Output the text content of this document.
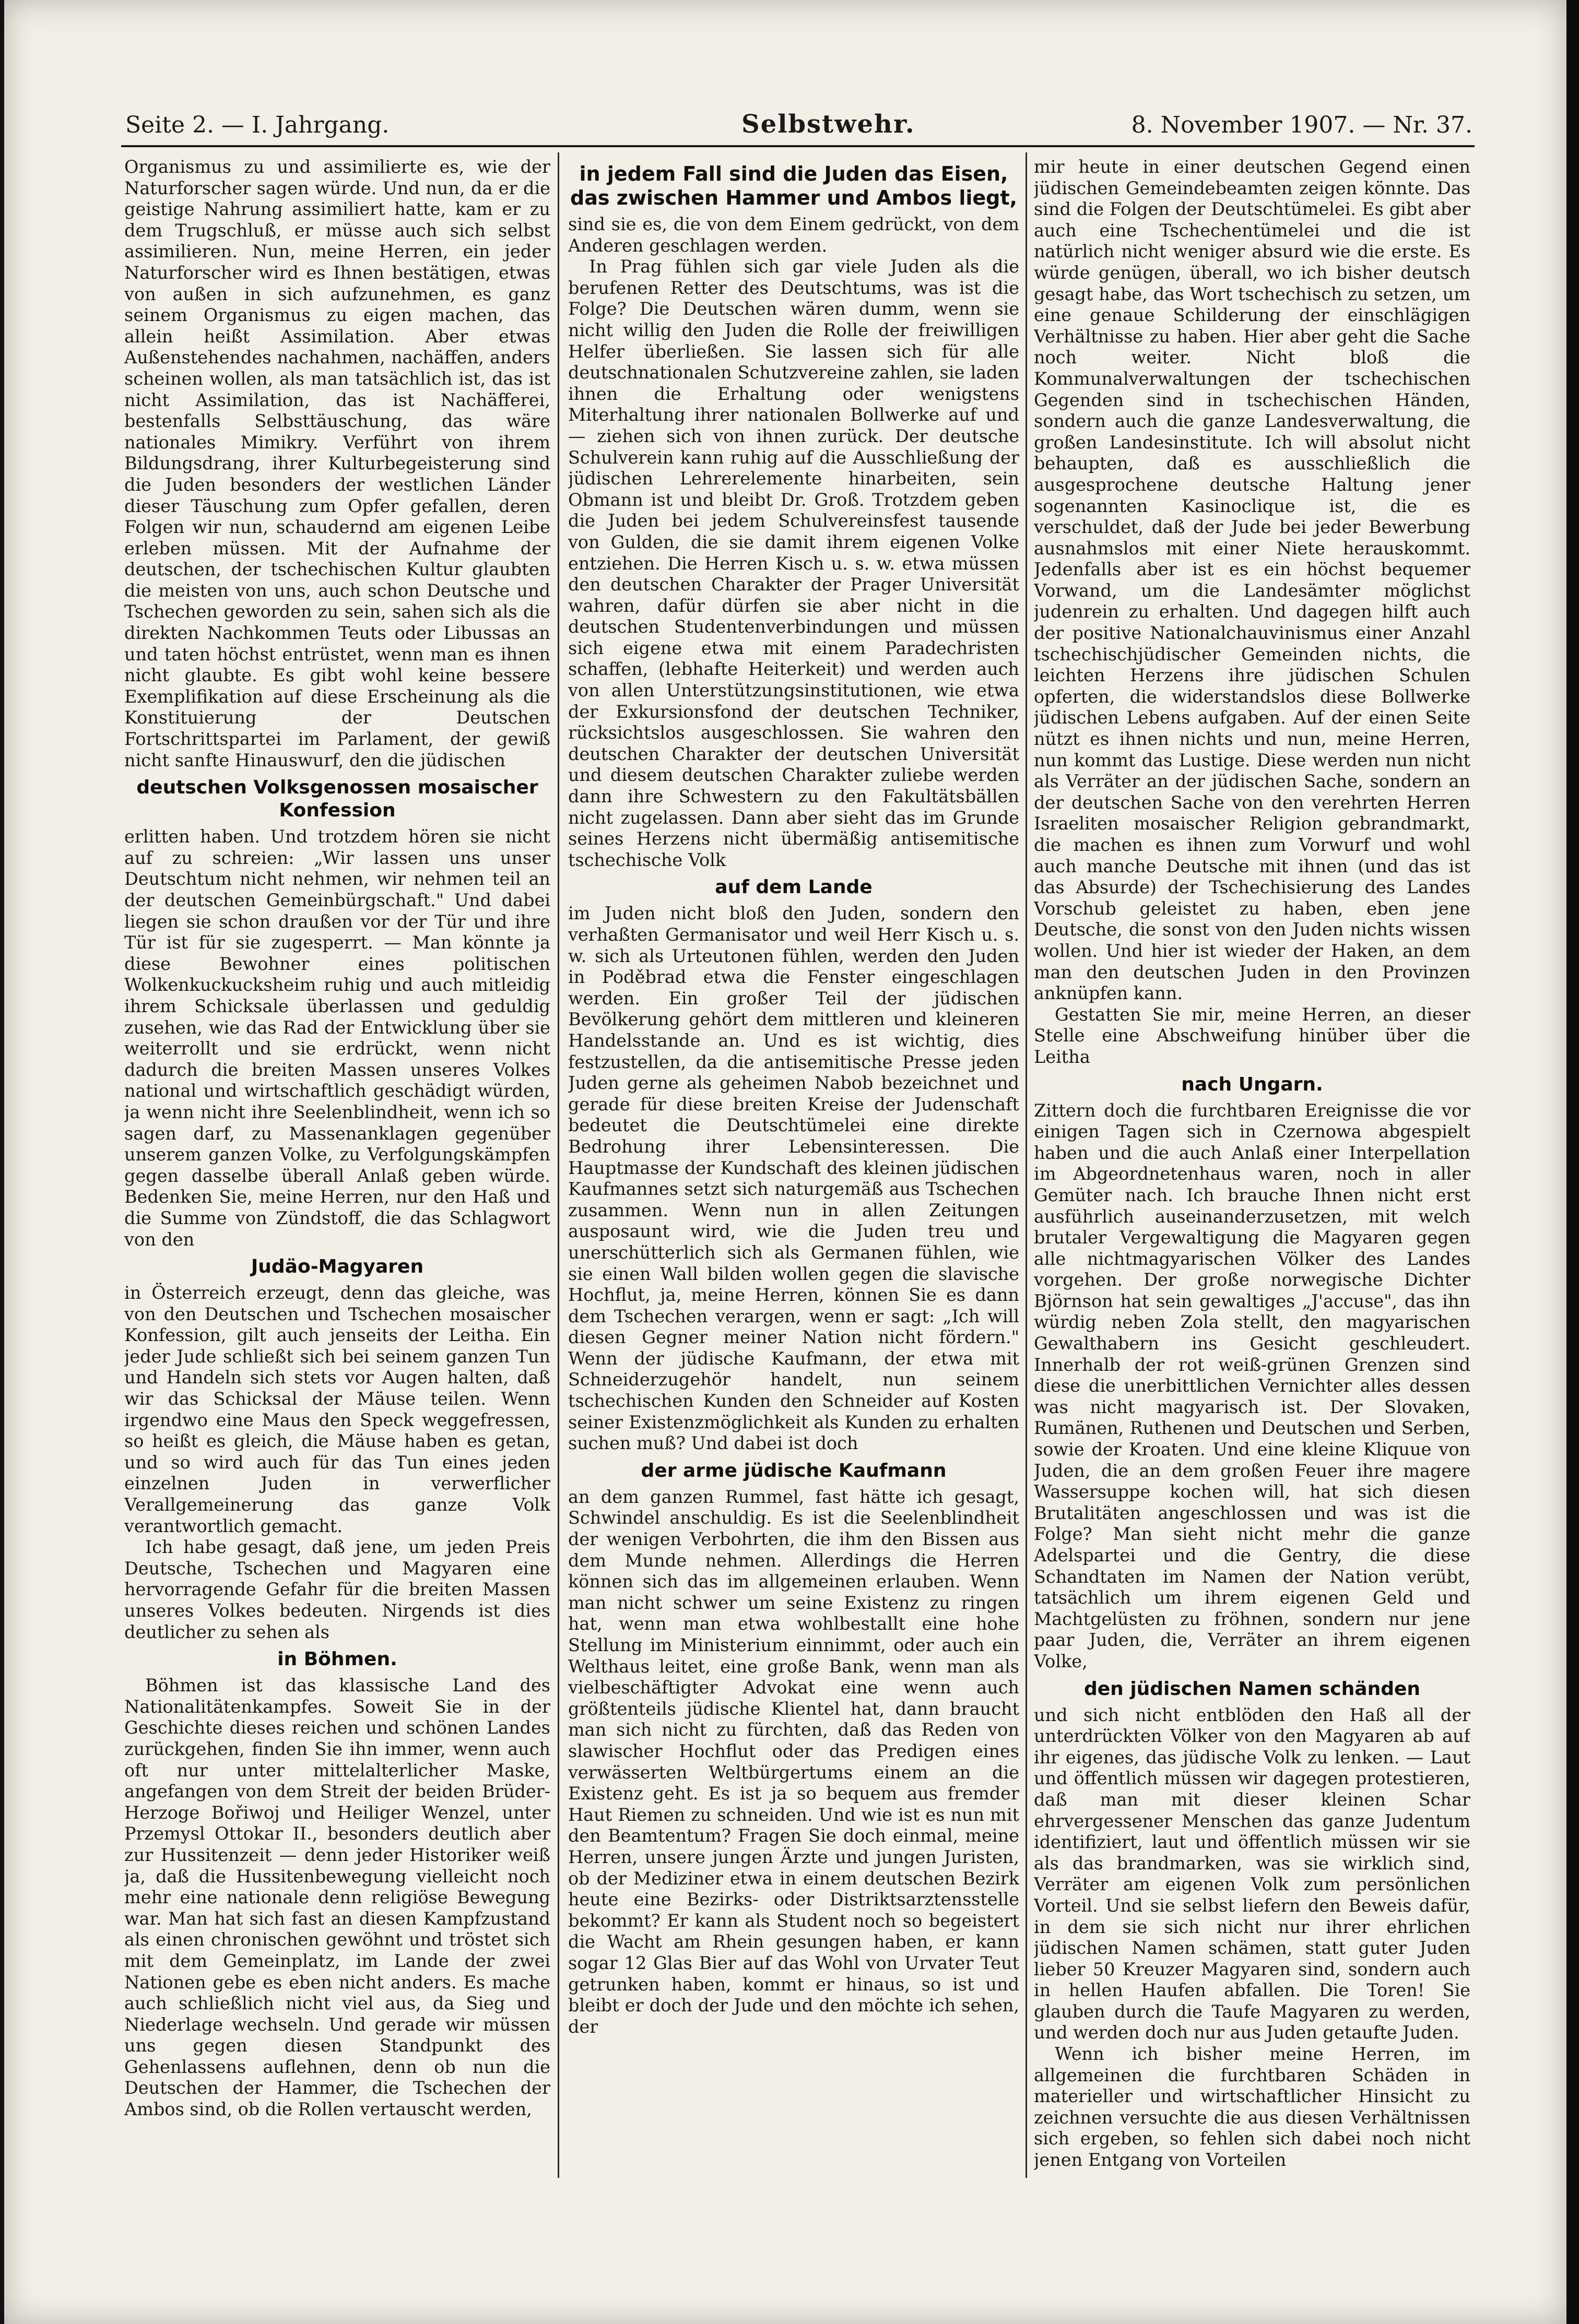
Seite 2. — I. Jahrgang.	Selbstwehr.	8. November 1907. — Nr. 37.

Organismus zu und assimilierte es, wie der Naturforscher sagen würde. Und nun, da er die geistige Nahrung assimiliert hatte, kam er zu dem Trugschluß, er müsse auch sich selbst assimilieren. Nun, meine Herren, ein jeder Naturforscher wird es Ihnen bestätigen, etwas von außen in sich aufzunehmen, es ganz seinem Organismus zu eigen machen, das allein heißt Assimilation. Aber etwas Außenstehendes nachahmen, nachäffen, anders scheinen wollen, als man tatsächlich ist, das ist nicht Assimilation, das ist Nachäfferei, bestenfalls Selbsttäuschung, das wäre nationales Mimikry. Verführt von ihrem Bildungsdrang, ihrer Kulturbegeisterung sind die Juden besonders der westlichen Länder dieser Täuschung zum Opfer gefallen, deren Folgen wir nun, schaudernd am eigenen Leibe erleben müssen. Mit der Aufnahme der deutschen, der tschechischen Kultur glaubten die meisten von uns, auch schon Deutsche und Tschechen geworden zu sein, sahen sich als die direkten Nachkommen Teuts oder Libussas an und taten höchst entrüstet, wenn man es ihnen nicht glaubte. Es gibt wohl keine bessere Exemplifikation auf diese Erscheinung als die Konstituierung der Deutschen Fortschrittspartei im Parlament, der gewiß nicht sanfte Hinauswurf, den die jüdischen

deutschen Volksgenossen mosaischer Konfession

erlitten haben. Und trotzdem hören sie nicht auf zu schreien: „Wir lassen uns unser Deutschtum nicht nehmen, wir nehmen teil an der deutschen Gemeinbürgschaft." Und dabei liegen sie schon draußen vor der Tür und ihre Tür ist für sie zugesperrt. — Man könnte ja diese Bewohner eines politischen Wolkenkuckucksheim ruhig und auch mitleidig ihrem Schicksale überlassen und geduldig zusehen, wie das Rad der Entwicklung über sie weiterrollt und sie erdrückt, wenn nicht dadurch die breiten Massen unseres Volkes national und wirtschaftlich geschädigt würden, ja wenn nicht ihre Seelenblindheit, wenn ich so sagen darf, zu Massenanklagen gegenüber unserem ganzen Volke, zu Verfolgungskämpfen gegen dasselbe überall Anlaß geben würde. Bedenken Sie, meine Herren, nur den Haß und die Summe von Zündstoff, die das Schlagwort von den

Judäo-Magyaren

in Österreich erzeugt, denn das gleiche, was von den Deutschen und Tschechen mosaischer Konfession, gilt auch jenseits der Leitha. Ein jeder Jude schließt sich bei seinem ganzen Tun und Handeln sich stets vor Augen halten, daß wir das Schicksal der Mäuse teilen. Wenn irgendwo eine Maus den Speck weggefressen, so heißt es gleich, die Mäuse haben es getan, und so wird auch für das Tun eines jeden einzelnen Juden in verwerflicher Verallgemeinerung das ganze Volk verantwortlich gemacht.

Ich habe gesagt, daß jene, um jeden Preis Deutsche, Tschechen und Magyaren eine hervorragende Gefahr für die breiten Massen unseres Volkes bedeuten. Nirgends ist dies deutlicher zu sehen als

in Böhmen.

Böhmen ist das klassische Land des Nationalitätenkampfes. Soweit Sie in der Geschichte dieses reichen und schönen Landes zurückgehen, finden Sie ihn immer, wenn auch oft nur unter mittelalterlicher Maske, angefangen von dem Streit der beiden Brüder-Herzoge Bořiwoj und Heiliger Wenzel, unter Przemysl Ottokar II., besonders deutlich aber zur Hussitenzeit — denn jeder Historiker weiß ja, daß die Hussitenbewegung vielleicht noch mehr eine nationale denn religiöse Bewegung war. Man hat sich fast an diesen Kampfzustand als einen chronischen gewöhnt und tröstet sich mit dem Gemeinplatz, im Lande der zwei Nationen gebe es eben nicht anders. Es mache auch schließlich nicht viel aus, da Sieg und Niederlage wechseln. Und gerade wir müssen uns gegen diesen Standpunkt des Gehenlassens auflehnen, denn ob nun die Deutschen der Hammer, die Tschechen der Ambos sind, ob die Rollen vertauscht werden,

in jedem Fall sind die Juden das Eisen, das zwischen Hammer und Ambos liegt,

sind sie es, die von dem Einem gedrückt, von dem Anderen geschlagen werden.

In Prag fühlen sich gar viele Juden als die berufenen Retter des Deutschtums, was ist die Folge? Die Deutschen wären dumm, wenn sie nicht willig den Juden die Rolle der freiwilligen Helfer überließen. Sie lassen sich für alle deutschnationalen Schutzvereine zahlen, sie laden ihnen die Erhaltung oder wenigstens Miterhaltung ihrer nationalen Bollwerke auf und — ziehen sich von ihnen zurück. Der deutsche Schulverein kann ruhig auf die Ausschließung der jüdischen Lehrerelemente hinarbeiten, sein Obmann ist und bleibt Dr. Groß. Trotzdem geben die Juden bei jedem Schulvereinsfest tausende von Gulden, die sie damit ihrem eigenen Volke entziehen. Die Herren Kisch u. s. w. etwa müssen den deutschen Charakter der Prager Universität wahren, dafür dürfen sie aber nicht in die deutschen Studentenverbindungen und müssen sich eigene etwa mit einem Paradechristen schaffen, (lebhafte Heiterkeit) und werden auch von allen Unterstützungsinstitutionen, wie etwa der Exkursionsfond der deutschen Techniker, rücksichtslos ausgeschlossen. Sie wahren den deutschen Charakter der deutschen Universität und diesem deutschen Charakter zuliebe werden dann ihre Schwestern zu den Fakultätsbällen nicht zugelassen. Dann aber sieht das im Grunde seines Herzens nicht übermäßig antisemitische tschechische Volk

auf dem Lande

im Juden nicht bloß den Juden, sondern den verhaßten Germanisator und weil Herr Kisch u. s. w. sich als Urteutonen fühlen, werden den Juden in Poděbrad etwa die Fenster eingeschlagen werden. Ein großer Teil der jüdischen Bevölkerung gehört dem mittleren und kleineren Handelsstande an. Und es ist wichtig, dies festzustellen, da die antisemitische Presse jeden Juden gerne als geheimen Nabob bezeichnet und gerade für diese breiten Kreise der Judenschaft bedeutet die Deutschtümelei eine direkte Bedrohung ihrer Lebensinteressen. Die Hauptmasse der Kundschaft des kleinen jüdischen Kaufmannes setzt sich naturgemäß aus Tschechen zusammen. Wenn nun in allen Zeitungen ausposaunt wird, wie die Juden treu und unerschütterlich sich als Germanen fühlen, wie sie einen Wall bilden wollen gegen die slavische Hochflut, ja, meine Herren, können Sie es dann dem Tschechen verargen, wenn er sagt: „Ich will diesen Gegner meiner Nation nicht fördern." Wenn der jüdische Kaufmann, der etwa mit Schneiderzugehör handelt, nun seinem tschechischen Kunden den Schneider auf Kosten seiner Existenzmöglichkeit als Kunden zu erhalten suchen muß? Und dabei ist doch

der arme jüdische Kaufmann

an dem ganzen Rummel, fast hätte ich gesagt, Schwindel anschuldig. Es ist die Seelenblindheit der wenigen Verbohrten, die ihm den Bissen aus dem Munde nehmen. Allerdings die Herren können sich das im allgemeinen erlauben. Wenn man nicht schwer um seine Existenz zu ringen hat, wenn man etwa wohlbestallt eine hohe Stellung im Ministerium einnimmt, oder auch ein Welthaus leitet, eine große Bank, wenn man als vielbeschäftigter Advokat eine wenn auch größtenteils jüdische Klientel hat, dann braucht man sich nicht zu fürchten, daß das Reden von slawischer Hochflut oder das Predigen eines verwässerten Weltbürgertums einem an die Existenz geht. Es ist ja so bequem aus fremder Haut Riemen zu schneiden. Und wie ist es nun mit den Beamtentum? Fragen Sie doch einmal, meine Herren, unsere jungen Ärzte und jungen Juristen, ob der Mediziner etwa in einem deutschen Bezirk heute eine Bezirks- oder Distriktsarztensstelle bekommt? Er kann als Student noch so begeistert die Wacht am Rhein gesungen haben, er kann sogar 12 Glas Bier auf das Wohl von Urvater Teut getrunken haben, kommt er hinaus, so ist und bleibt er doch der Jude und den möchte ich sehen, der

mir heute in einer deutschen Gegend einen jüdischen Gemeindebeamten zeigen könnte. Das sind die Folgen der Deutschtümelei. Es gibt aber auch eine Tschechentümelei und die ist natürlich nicht weniger absurd wie die erste. Es würde genügen, überall, wo ich bisher deutsch gesagt habe, das Wort tschechisch zu setzen, um eine genaue Schilderung der einschlägigen Verhältnisse zu haben. Hier aber geht die Sache noch weiter. Nicht bloß die Kommunalverwaltungen der tschechischen Gegenden sind in tschechischen Händen, sondern auch die ganze Landesverwaltung, die großen Landesinstitute. Ich will absolut nicht behaupten, daß es ausschließlich die ausgesprochene deutsche Haltung jener sogenannten Kasinoclique ist, die es verschuldet, daß der Jude bei jeder Bewerbung ausnahmslos mit einer Niete herauskommt. Jedenfalls aber ist es ein höchst bequemer Vorwand, um die Landesämter möglichst judenrein zu erhalten. Und dagegen hilft auch der positive Nationalchauvinismus einer Anzahl tschechischjüdischer Gemeinden nichts, die leichten Herzens ihre jüdischen Schulen opferten, die widerstandslos diese Bollwerke jüdischen Lebens aufgaben. Auf der einen Seite nützt es ihnen nichts und nun, meine Herren, nun kommt das Lustige. Diese werden nun nicht als Verräter an der jüdischen Sache, sondern an der deutschen Sache von den verehrten Herren Israeliten mosaischer Religion gebrandmarkt, die machen es ihnen zum Vorwurf und wohl auch manche Deutsche mit ihnen (und das ist das Absurde) der Tschechisierung des Landes Vorschub geleistet zu haben, eben jene Deutsche, die sonst von den Juden nichts wissen wollen. Und hier ist wieder der Haken, an dem man den deutschen Juden in den Provinzen anknüpfen kann.

Gestatten Sie mir, meine Herren, an dieser Stelle eine Abschweifung hinüber über die Leitha

nach Ungarn.

Zittern doch die furchtbaren Ereignisse die vor einigen Tagen sich in Czernowa abgespielt haben und die auch Anlaß einer Interpellation im Abgeordnetenhaus waren, noch in aller Gemüter nach. Ich brauche Ihnen nicht erst ausführlich auseinanderzusetzen, mit welch brutaler Vergewaltigung die Magyaren gegen alle nichtmagyarischen Völker des Landes vorgehen. Der große norwegische Dichter Björnson hat sein gewaltiges „J'accuse", das ihn würdig neben Zola stellt, den magyarischen Gewalthabern ins Gesicht geschleudert. Innerhalb der rot weiß-grünen Grenzen sind diese die unerbittlichen Vernichter alles dessen was nicht magyarisch ist. Der Slovaken, Rumänen, Ruthenen und Deutschen und Serben, sowie der Kroaten. Und eine kleine Kliquue von Juden, die an dem großen Feuer ihre magere Wassersuppe kochen will, hat sich diesen Brutalitäten angeschlossen und was ist die Folge? Man sieht nicht mehr die ganze Adelspartei und die Gentry, die diese Schandtaten im Namen der Nation verübt, tatsächlich um ihrem eigenen Geld und Machtgelüsten zu fröhnen, sondern nur jene paar Juden, die, Verräter an ihrem eigenen Volke,

den jüdischen Namen schänden

und sich nicht entblöden den Haß all der unterdrückten Völker von den Magyaren ab auf ihr eigenes, das jüdische Volk zu lenken. — Laut und öffentlich müssen wir dagegen protestieren, daß man mit dieser kleinen Schar ehrvergessener Menschen das ganze Judentum identifiziert, laut und öffentlich müssen wir sie als das brandmarken, was sie wirklich sind, Verräter am eigenen Volk zum persönlichen Vorteil. Und sie selbst liefern den Beweis dafür, in dem sie sich nicht nur ihrer ehrlichen jüdischen Namen schämen, statt guter Juden lieber 50 Kreuzer Magyaren sind, sondern auch in hellen Haufen abfallen. Die Toren! Sie glauben durch die Taufe Magyaren zu werden, und werden doch nur aus Juden getaufte Juden.

Wenn ich bisher meine Herren, im allgemeinen die furchtbaren Schäden in materieller und wirtschaftlicher Hinsicht zu zeichnen versuchte die aus diesen Verhältnissen sich ergeben, so fehlen sich dabei noch nicht jenen Entgang von Vorteilen
